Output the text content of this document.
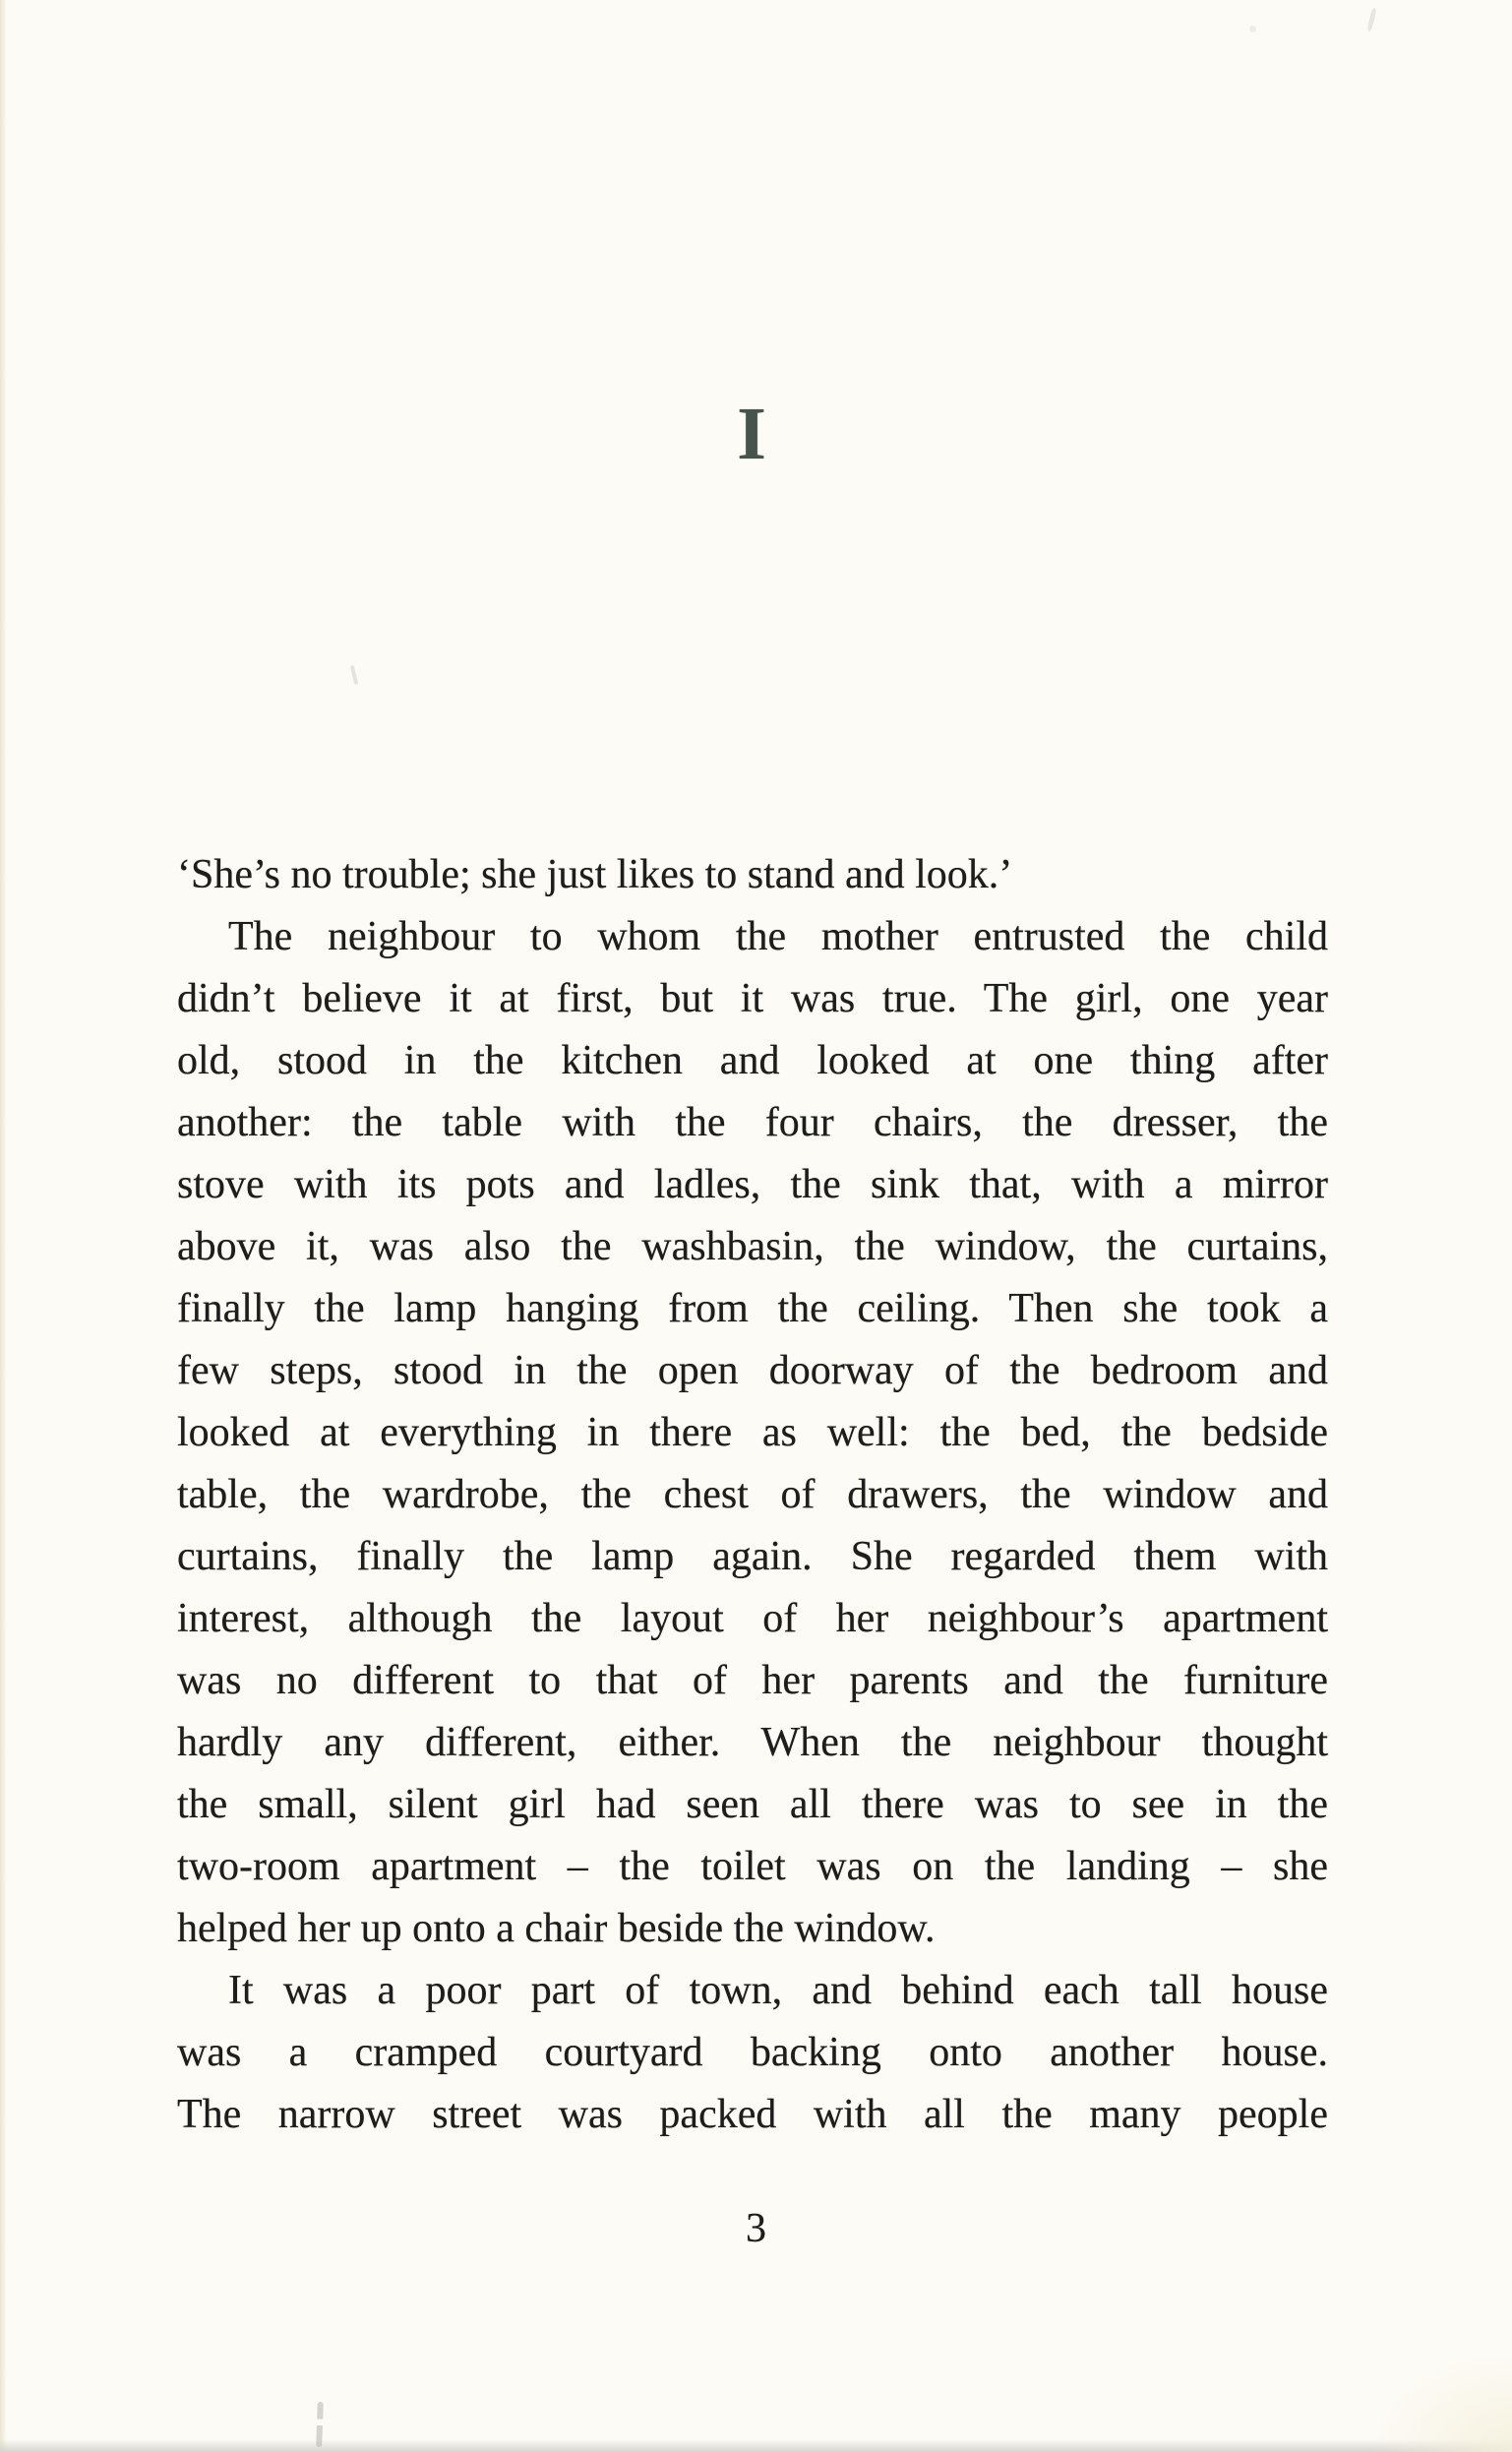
I

‘She’s no trouble; she just likes to stand and look.’

The neighbour to whom the mother entrusted the child

didn’t believe it at first, but it was true. The girl, one year

old, stood in the kitchen and looked at one thing after

another: the table with the four chairs, the dresser, the

stove with its pots and ladles, the sink that, with a mirror

above it, was also the washbasin, the window, the curtains,

finally the lamp hanging from the ceiling. Then she took a

few steps, stood in the open doorway of the bedroom and

looked at everything in there as well: the bed, the bedside

table, the wardrobe, the chest of drawers, the window and

curtains, finally the lamp again. She regarded them with

interest, although the layout of her neighbour’s apartment

was no different to that of her parents and the furniture

hardly any different, either. When the neighbour thought

the small, silent girl had seen all there was to see in the

two-room apartment – the toilet was on the landing – she

helped her up onto a chair beside the window.

It was a poor part of town, and behind each tall house

was a cramped courtyard backing onto another house.

The narrow street was packed with all the many people

3
